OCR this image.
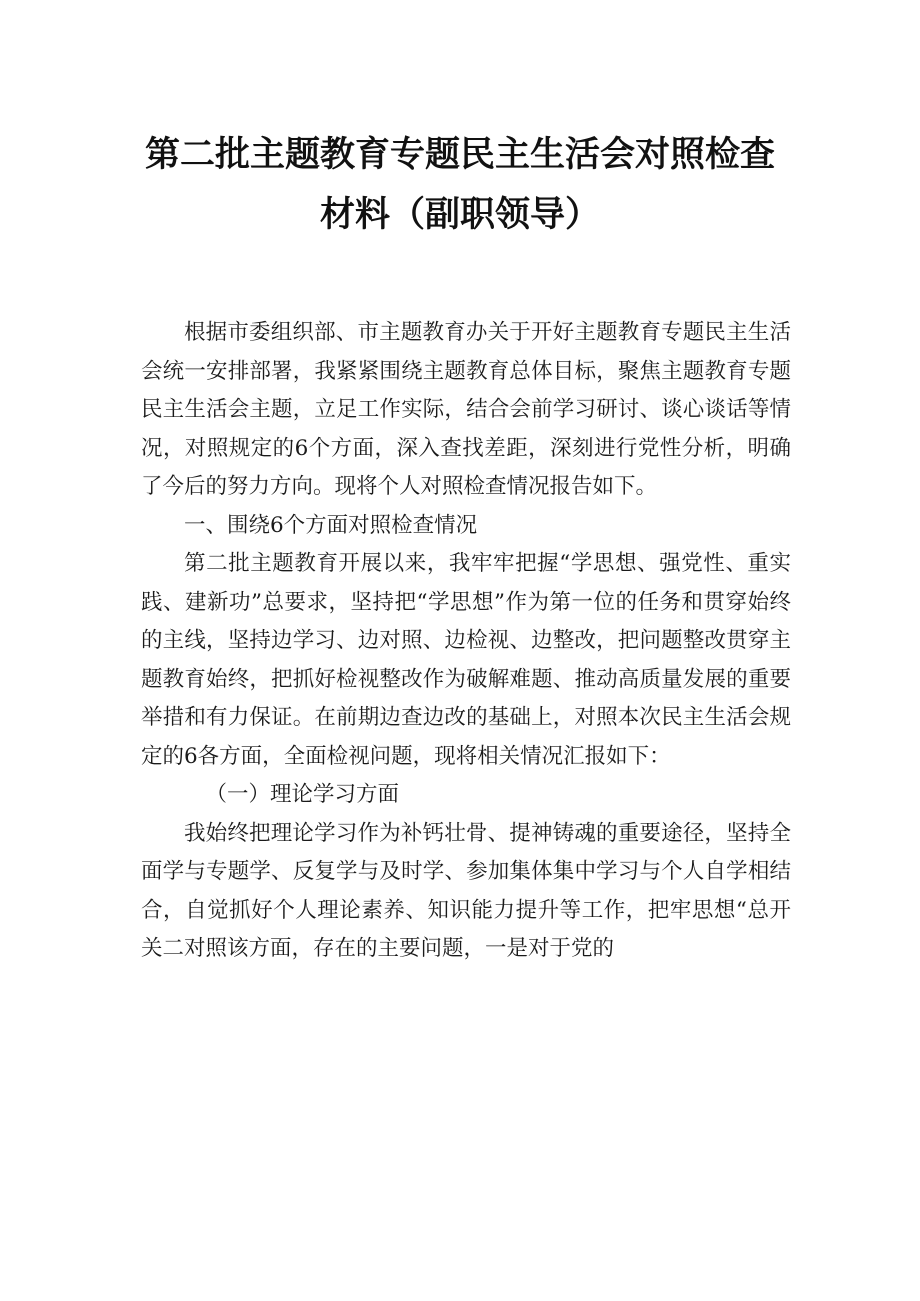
第二批主题教育专题民主生活会对照检查
材料（副职领导）

根据市委组织部、市主题教育办关于开好主题教育专题民主生活会统一安排部署，我紧紧围绕主题教育总体目标，聚焦主题教育专题民主生活会主题，立足工作实际，结合会前学习研讨、谈心谈话等情况，对照规定的6个方面，深入查找差距，深刻进行党性分析，明确了今后的努力方向。现将个人对照检查情况报告如下。

一、围绕6个方面对照检查情况

第二批主题教育开展以来，我牢牢把握“学思想、强党性、重实践、建新功”总要求，坚持把“学思想”作为第一位的任务和贯穿始终的主线，坚持边学习、边对照、边检视、边整改，把问题整改贯穿主题教育始终，把抓好检视整改作为破解难题、推动高质量发展的重要举措和有力保证。在前期边查边改的基础上，对照本次民主生活会规定的6各方面，全面检视问题，现将相关情况汇报如下：

（一）理论学习方面

我始终把理论学习作为补钙壮骨、提神铸魂的重要途径，坚持全面学与专题学、反复学与及时学、参加集体集中学习与个人自学相结合，自觉抓好个人理论素养、知识能力提升等工作，把牢思想“总开关二对照该方面，存在的主要问题，一是对于党的
